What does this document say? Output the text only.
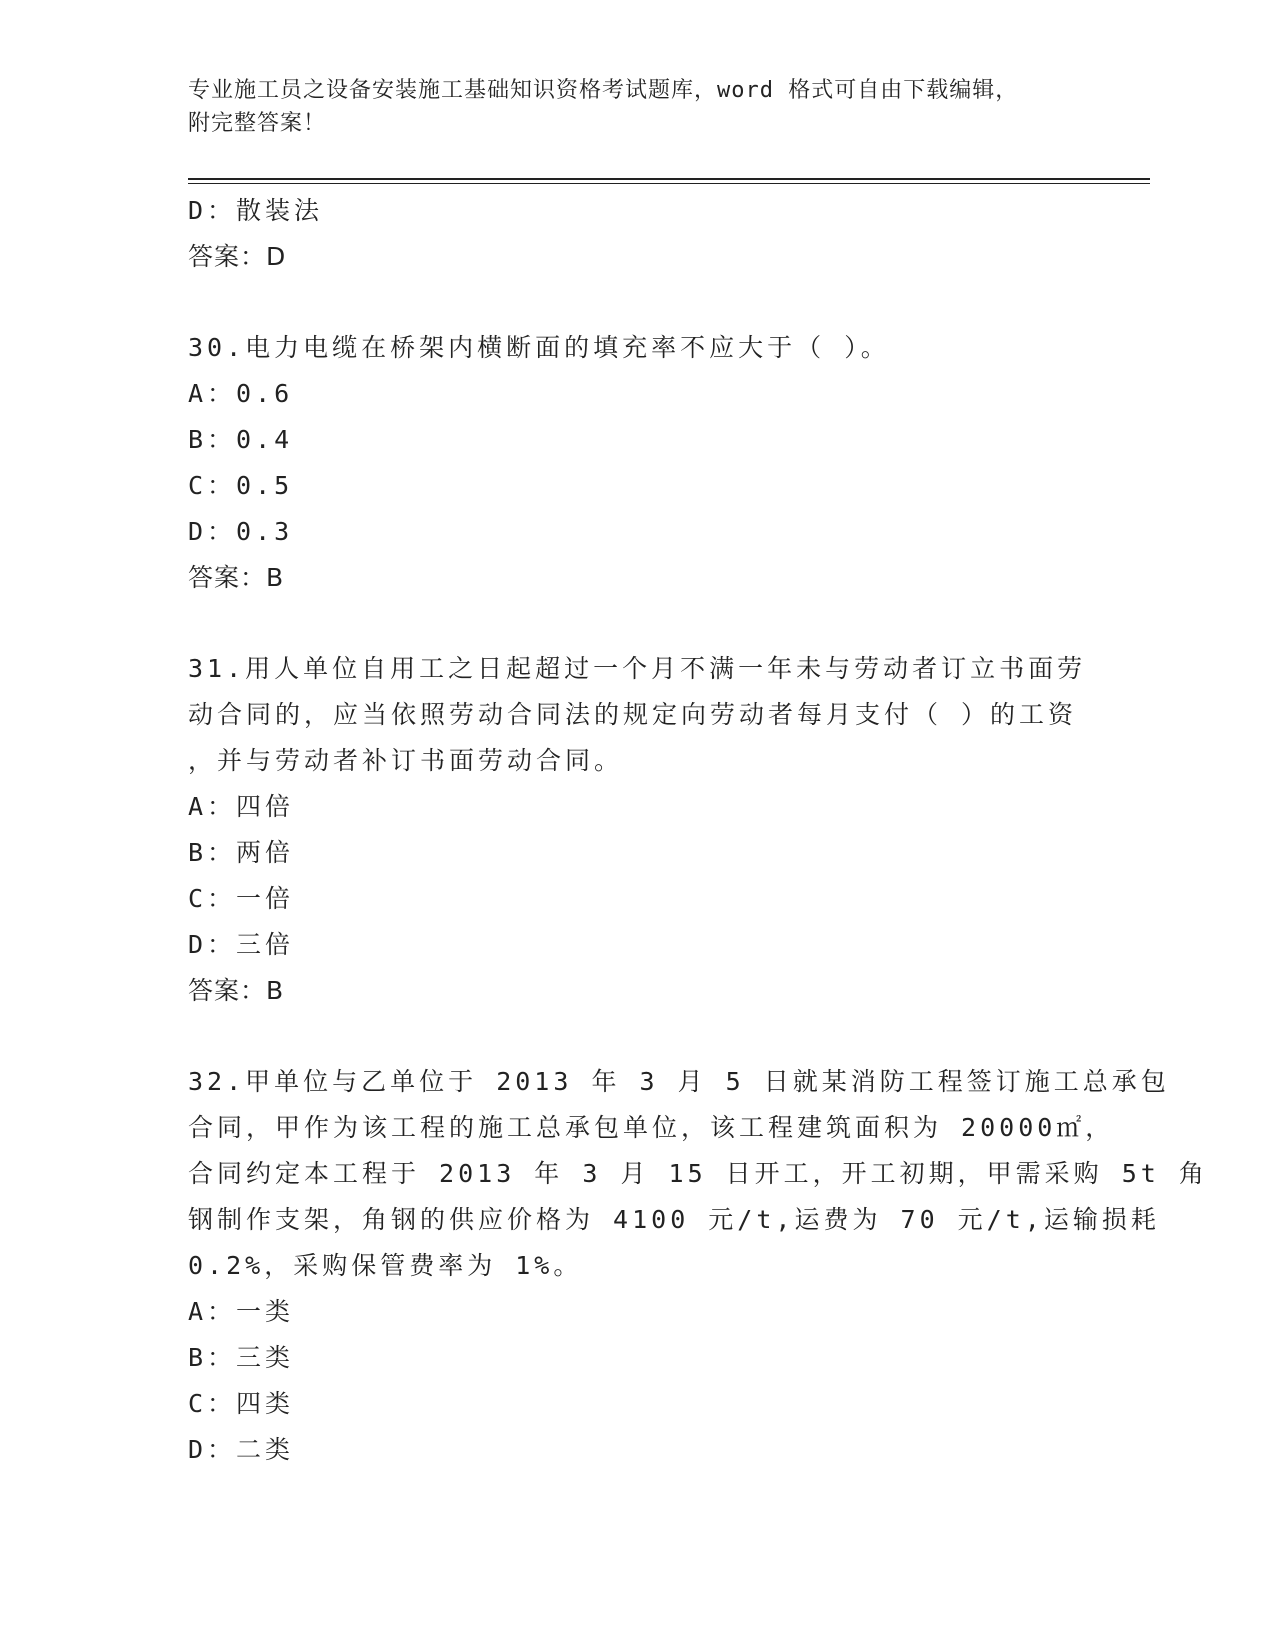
专业施工员之设备安装施工基础知识资格考试题库，word 格式可自由下载编辑，
附完整答案！
D：散装法
答案：D
30.电力电缆在桥架内横断面的填充率不应大于（ ）。
A：0.6
B：0.4
C：0.5
D：0.3
答案：B
31.用人单位自用工之日起超过一个月不满一年未与劳动者订立书面劳
动合同的，应当依照劳动合同法的规定向劳动者每月支付（ ）的工资
，并与劳动者补订书面劳动合同。
A：四倍
B：两倍
C：一倍
D：三倍
答案：B
32.甲单位与乙单位于 2013 年 3 月 5 日就某消防工程签订施工总承包
合同，甲作为该工程的施工总承包单位，该工程建筑面积为 20000㎡，
合同约定本工程于 2013 年 3 月 15 日开工，开工初期，甲需采购 5t 角
钢制作支架，角钢的供应价格为 4100 元/t,运费为 70 元/t,运输损耗
0.2%，采购保管费率为 1%。
A：一类
B：三类
C：四类
D：二类
